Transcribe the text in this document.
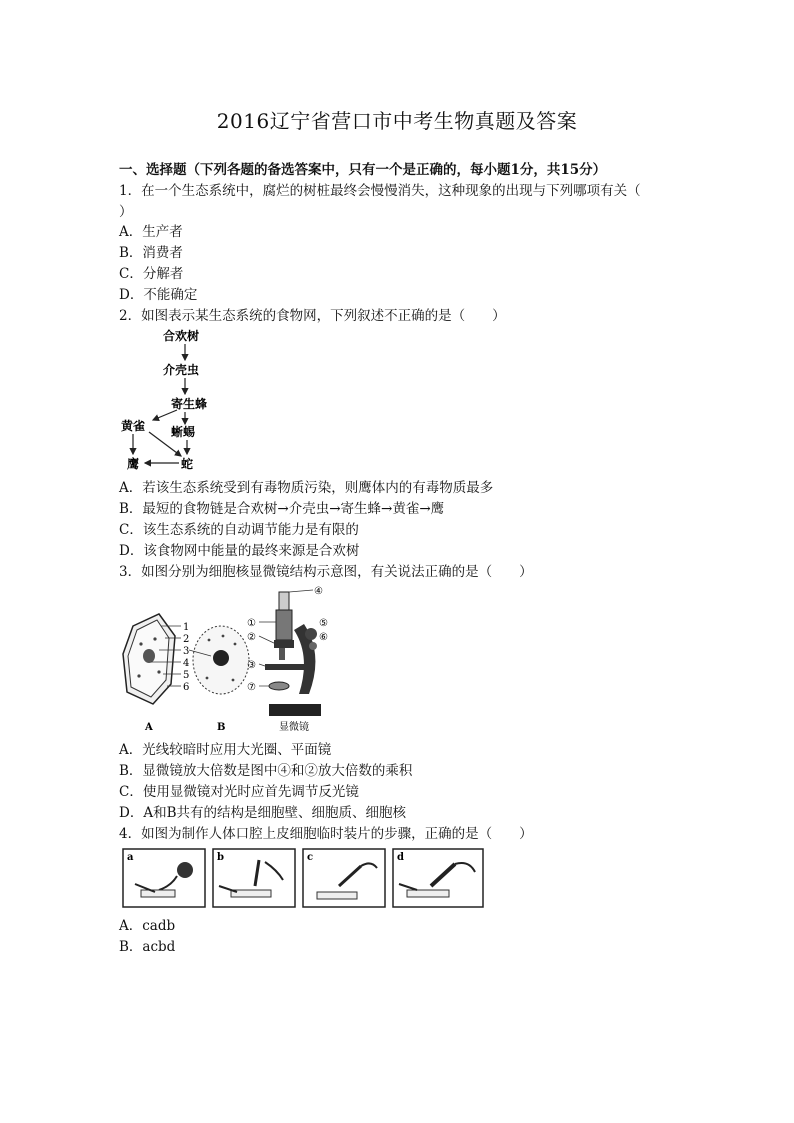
2016辽宁省营口市中考生物真题及答案
一、选择题（下列各题的备选答案中，只有一个是正确的，每小题1分，共15分）
1．在一个生态系统中，腐烂的树桩最终会慢慢消失，这种现象的出现与下列哪项有关（
）
A．生产者
B．消费者
C．分解者
D．不能确定
2．如图表示某生态系统的食物网，下列叙述不正确的是（　　）
合欢树
介壳虫
寄生蜂
黄雀 蜥蜴
鹰	蛇
A．若该生态系统受到有毒物质污染，则鹰体内的有毒物质最多
B．最短的食物链是合欢树→介壳虫→寄生蜂→黄雀→鹰
C．该生态系统的自动调节能力是有限的
D．该食物网中能量的最终来源是合欢树
3．如图分别为细胞核显微镜结构示意图，有关说法正确的是（　　）
1
2
3
4
5
6
①
②
③
④
⑤
⑥
⑦
A	B	显微镜
A．光线较暗时应用大光圈、平面镜
B．显微镜放大倍数是图中④和②放大倍数的乘积
C．使用显微镜对光时应首先调节反光镜
D．A和B共有的结构是细胞壁、细胞质、细胞核
4．如图为制作人体口腔上皮细胞临时装片的步骤，正确的是（　　）
a	b	c	d
A．cadb
B．acbd
